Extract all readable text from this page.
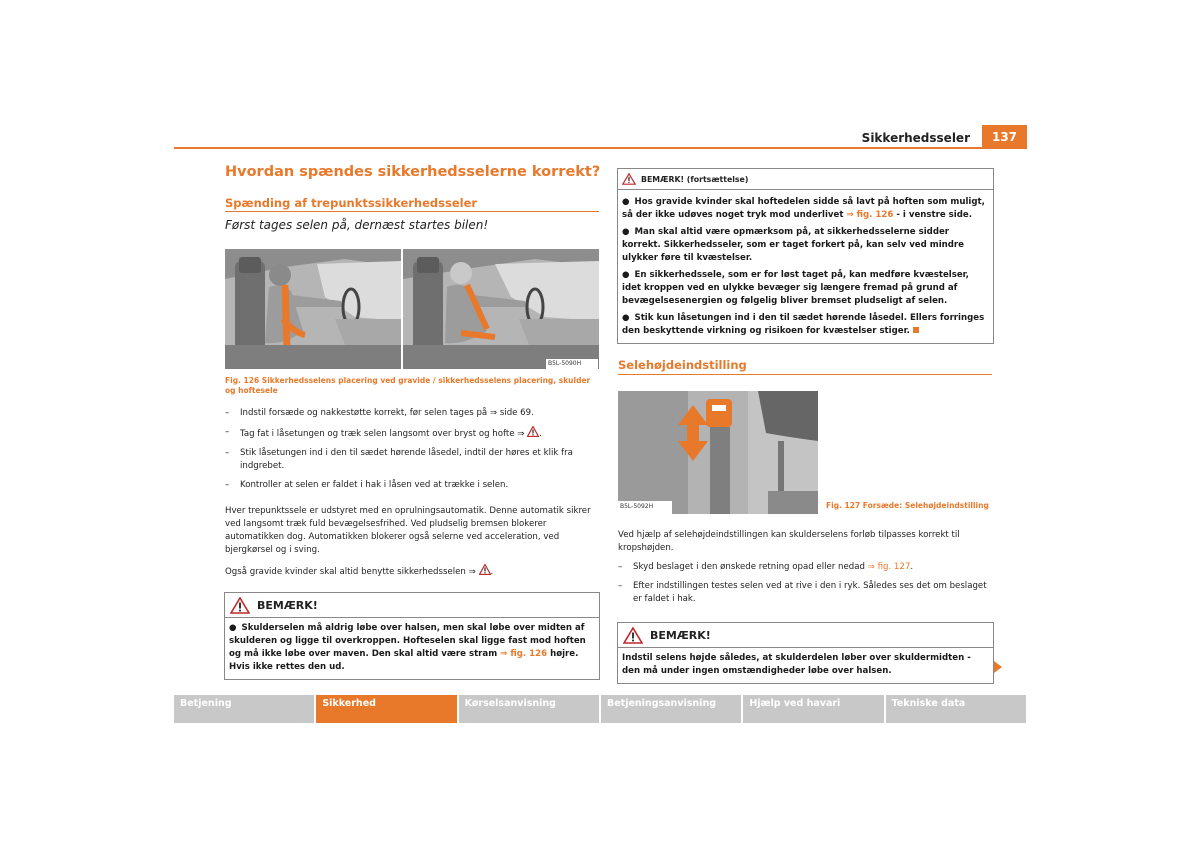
Sikkerhedsseler	137
Hvordan spændes sikkerhedsselerne korrekt?
Spænding af trepunktssikkerhedsseler
Først tages selen på, dernæst startes bilen!
B5L-5090H
Fig. 126 Sikkerhedsselens placering ved gravide / sikkerhedsselens placering, skulder og hoftesele
– Indstil forsæde og nakkestøtte korrekt, før selen tages på ⇒ side 69.
– Tag fat i låsetungen og træk selen langsomt over bryst og hofte ⇒ .
– Stik låsetungen ind i den til sædet hørende låsedel, indtil der høres et klik fra indgrebet.
– Kontroller at selen er faldet i hak i låsen ved at trække i selen.
Hver trepunktssele er udstyret med en oprulningsautomatik. Denne automatik sikrer ved langsomt træk fuld bevægelsesfrihed. Ved pludselig bremsen blokerer automatikken dog. Automatikken blokerer også selerne ved acceleration, ved bjergkørsel og i sving.
Også gravide kvinder skal altid benytte sikkerhedsselen ⇒ .
BEMÆRK!
● Skulderselen må aldrig løbe over halsen, men skal løbe over midten af skulderen og ligge til overkroppen. Hofteselen skal ligge fast mod hoften og må ikke løbe over maven. Den skal altid være stram ⇒ fig. 126 højre. Hvis ikke rettes den ud.
BEMÆRK! (fortsættelse)
● Hos gravide kvinder skal hoftedelen sidde så lavt på hoften som muligt, så der ikke udøves noget tryk mod underlivet ⇒ fig. 126 - i venstre side.
● Man skal altid være opmærksom på, at sikkerhedsselerne sidder korrekt. Sikkerhedsseler, som er taget forkert på, kan selv ved mindre ulykker føre til kvæstelser.
● En sikkerhedssele, som er for løst taget på, kan medføre kvæstelser, idet kroppen ved en ulykke bevæger sig længere fremad på grund af bevægelsesenergien og følgelig bliver bremset pludseligt af selen.
● Stik kun låsetungen ind i den til sædet hørende låsedel. Ellers forringes den beskyttende virkning og risikoen for kvæstelser stiger.
Selehøjdeindstilling
B5L-5092H	Fig. 127 Forsæde: Selehøjdeindstilling
Ved hjælp af selehøjdeindstillingen kan skulderselens forløb tilpasses korrekt til kropshøjden.
– Skyd beslaget i den ønskede retning opad eller nedad ⇒ fig. 127.
– Efter indstillingen testes selen ved at rive i den i ryk. Således ses det om beslaget er faldet i hak.
BEMÆRK!
Indstil selens højde således, at skulderdelen løber over skuldermidten - den må under ingen omstændigheder løbe over halsen.
Betjening	Sikkerhed	Kørselsanvisning	Betjeningsanvisning	Hjælp ved havari	Tekniske data
